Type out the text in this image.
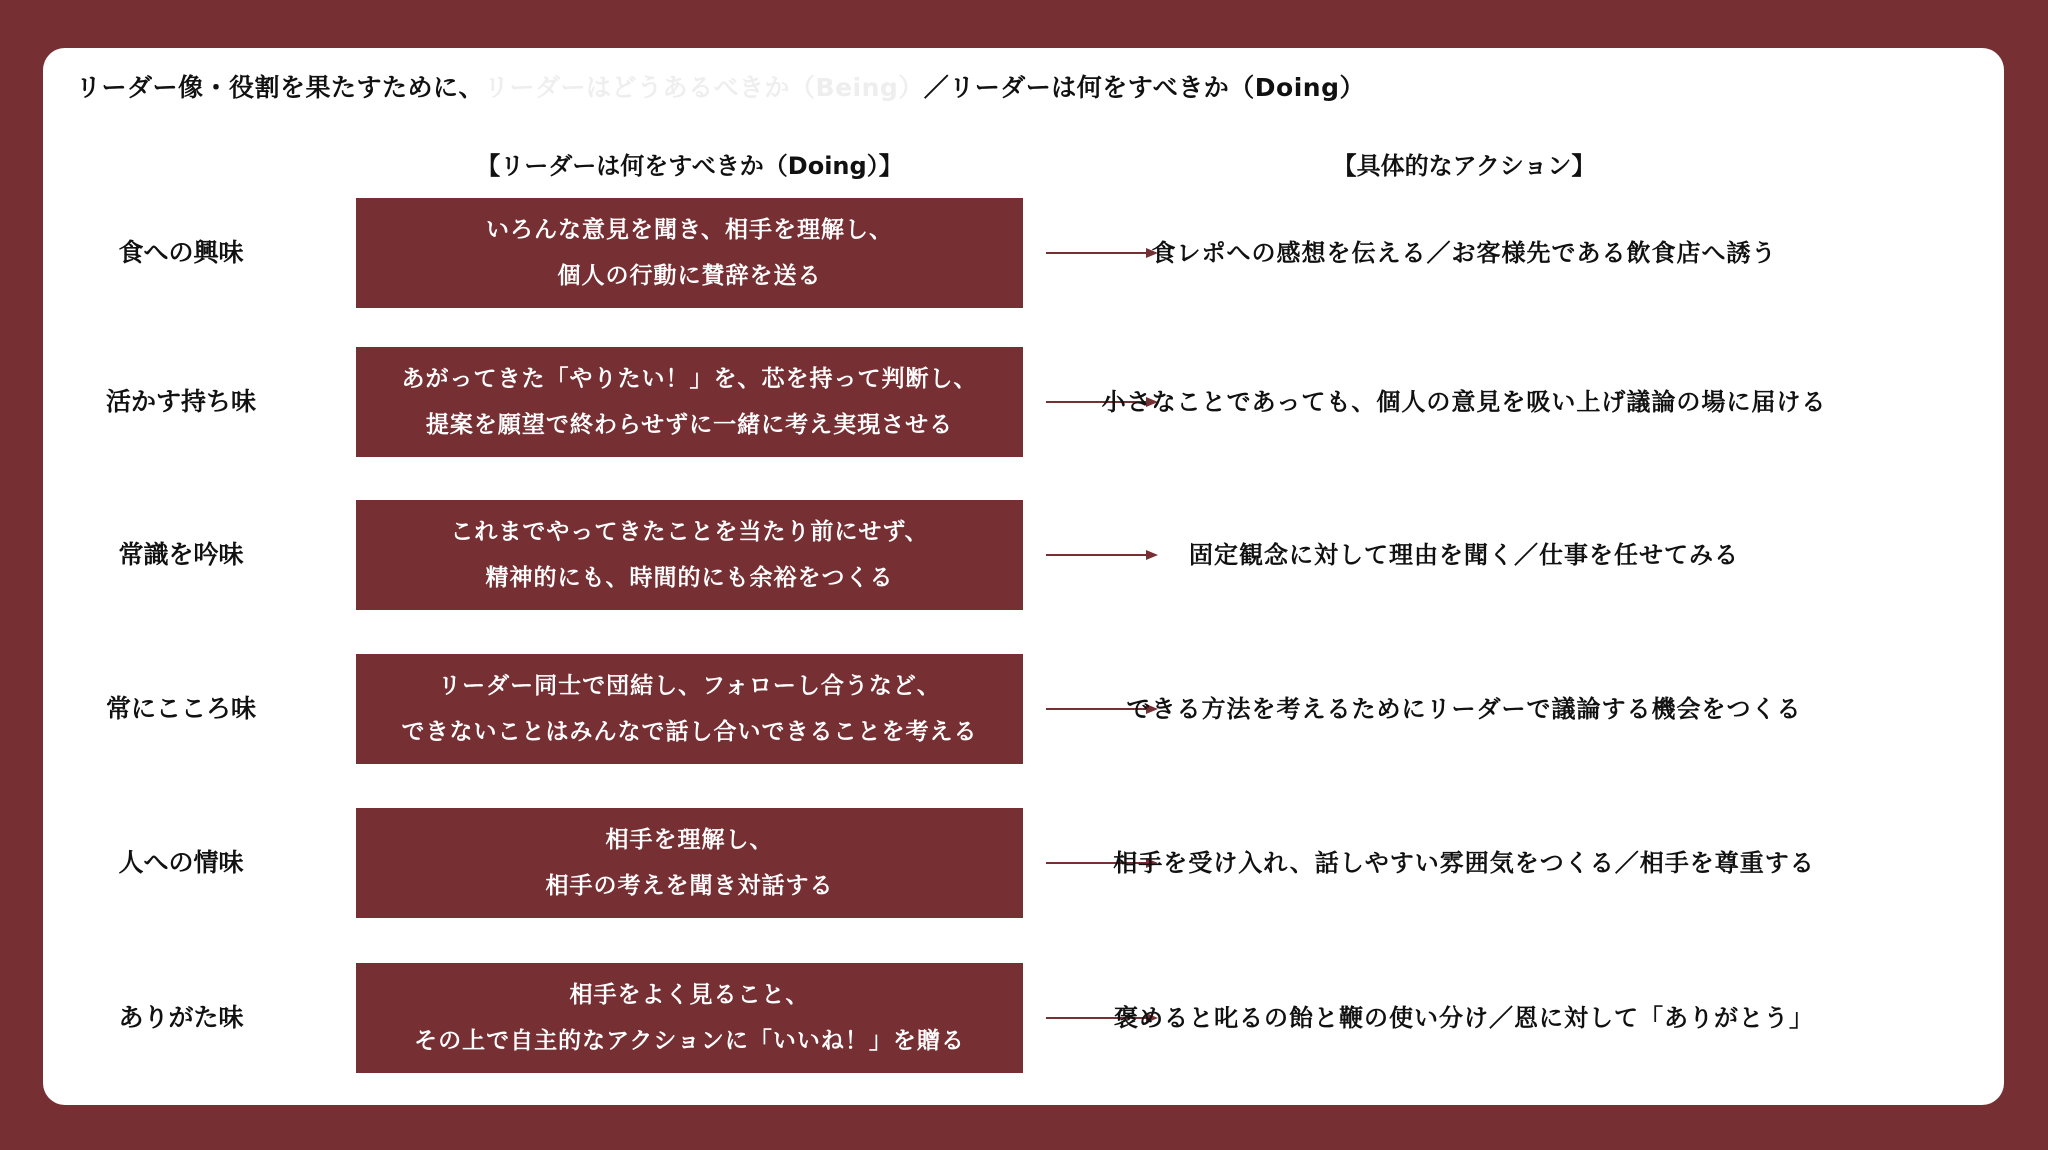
リーダー像・役割を果たすために、リーダーはどうあるべきか（Being）／リーダーは何をすべきか（Doing）
【リーダーは何をすべきか（Doing）】	【具体的なアクション】
食への興味
いろんな意見を聞き、相手を理解し、
個人の行動に賛辞を送る
食レポへの感想を伝える／お客様先である飲食店へ誘う
活かす持ち味
あがってきた「やりたい！」を、芯を持って判断し、
提案を願望で終わらせずに一緒に考え実現させる
小さなことであっても、個人の意見を吸い上げ議論の場に届ける
常識を吟味
これまでやってきたことを当たり前にせず、
精神的にも、時間的にも余裕をつくる
固定観念に対して理由を聞く／仕事を任せてみる
常にこころ味
リーダー同士で団結し、フォローし合うなど、
できないことはみんなで話し合いできることを考える
できる方法を考えるためにリーダーで議論する機会をつくる
人への情味
相手を理解し、
相手の考えを聞き対話する
相手を受け入れ、話しやすい雰囲気をつくる／相手を尊重する
ありがた味
相手をよく見ること、
その上で自主的なアクションに「いいね！」を贈る
褒めると叱るの飴と鞭の使い分け／恩に対して「ありがとう」
